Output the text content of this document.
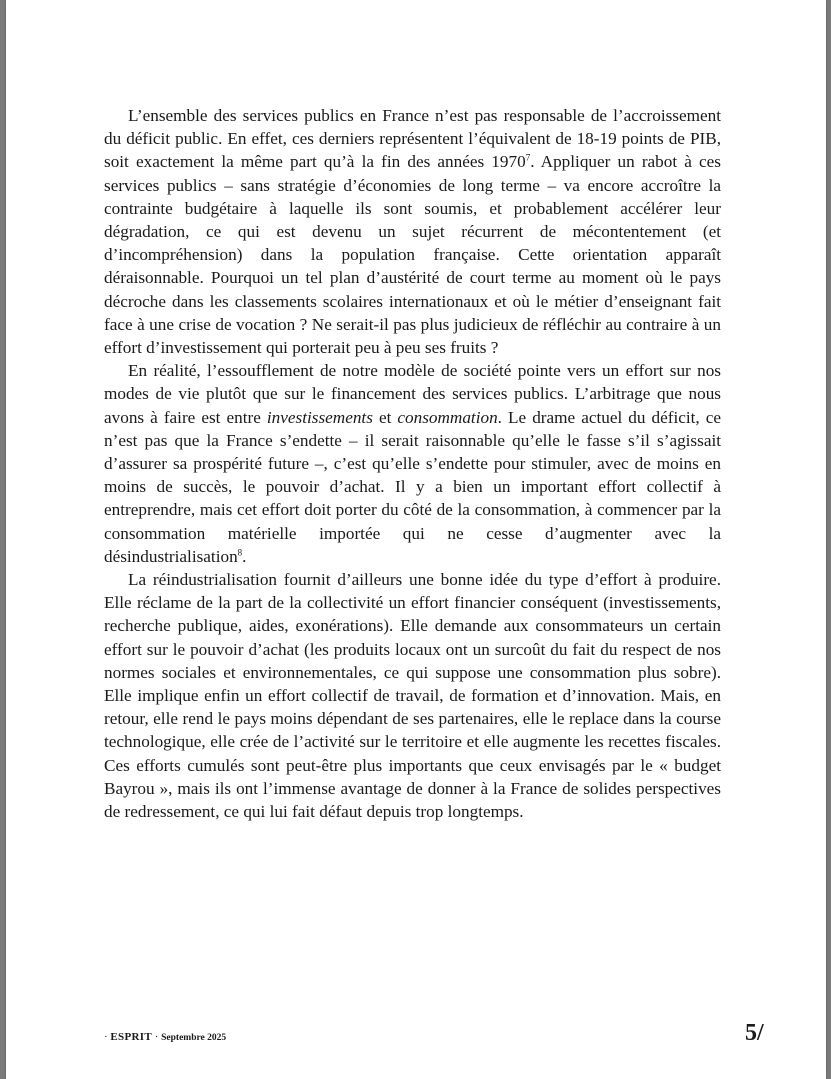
L’ensemble des services publics en France n’est pas responsable de l’accroissement du déficit public. En effet, ces derniers représentent l’équivalent de 18-19 points de PIB, soit exactement la même part qu’à la fin des années 1970$^7$. Appliquer un rabot à ces services publics – sans stratégie d’économies de long terme – va encore accroître la contrainte budgétaire à laquelle ils sont soumis, et probablement accélérer leur dégradation, ce qui est devenu un sujet récurrent de mécontentement (et d’incompréhension) dans la population française. Cette orientation apparaît déraisonnable. Pourquoi un tel plan d’austérité de court terme au moment où le pays décroche dans les classements scolaires internationaux et où le métier d’enseignant fait face à une crise de vocation ? Ne serait-il pas plus judicieux de réfléchir au contraire à un effort d’investissement qui porterait peu à peu ses fruits ?

En réalité, l’essoufflement de notre modèle de société pointe vers un effort sur nos modes de vie plutôt que sur le financement des services publics. L’arbitrage que nous avons à faire est entre investissements et consommation. Le drame actuel du déficit, ce n’est pas que la France s’endette – il serait raisonnable qu’elle le fasse s’il s’agissait d’assurer sa prospérité future –, c’est qu’elle s’endette pour stimuler, avec de moins en moins de succès, le pouvoir d’achat. Il y a bien un important effort collectif à entreprendre, mais cet effort doit porter du côté de la consommation, à commencer par la consommation matérielle importée qui ne cesse d’augmenter avec la désindustrialisation$^8$.

La réindustrialisation fournit d’ailleurs une bonne idée du type d’effort à produire. Elle réclame de la part de la collectivité un effort financier conséquent (investissements, recherche publique, aides, exonérations). Elle demande aux consommateurs un certain effort sur le pouvoir d’achat (les produits locaux ont un surcoût du fait du respect de nos normes sociales et environnementales, ce qui suppose une consommation plus sobre). Elle implique enfin un effort collectif de travail, de formation et d’innovation. Mais, en retour, elle rend le pays moins dépendant de ses partenaires, elle le replace dans la course technologique, elle crée de l’activité sur le territoire et elle augmente les recettes fiscales. Ces efforts cumulés sont peut-être plus importants que ceux envisagés par le « budget Bayrou », mais ils ont l’immense avantage de donner à la France de solides perspectives de redressement, ce qui lui fait défaut depuis trop longtemps.

· ESPRIT · Septembre 2025	5/
